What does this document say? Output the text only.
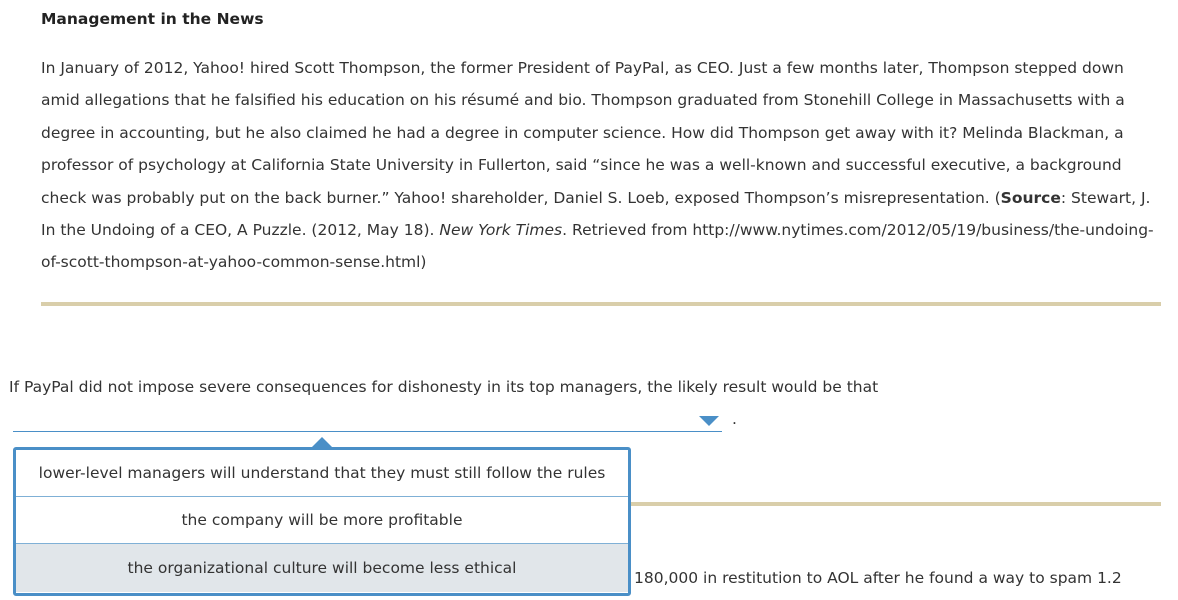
Management in the News
In January of 2012, Yahoo! hired Scott Thompson, the former President of PayPal, as CEO. Just a few months later, Thompson stepped down amid allegations that he falsified his education on his résumé and bio. Thompson graduated from Stonehill College in Massachusetts with a degree in accounting, but he also claimed he had a degree in computer science. How did Thompson get away with it? Melinda Blackman, a professor of psychology at California State University in Fullerton, said “since he was a well-known and successful executive, a background check was probably put on the back burner.” Yahoo! shareholder, Daniel S. Loeb, exposed Thompson’s misrepresentation. (Source: Stewart, J. In the Undoing of a CEO, A Puzzle. (2012, May 18). New York Times. Retrieved from http://www.nytimes.com/2012/05/19/business/the-undoing-of-scott-thompson-at-yahoo-common-sense.html)
If PayPal did not impose severe consequences for dishonesty in its top managers, the likely result would be that
.
180,000 in restitution to AOL after he found a way to spam 1.2
lower-level managers will understand that they must still follow the rules
the company will be more profitable
the organizational culture will become less ethical
